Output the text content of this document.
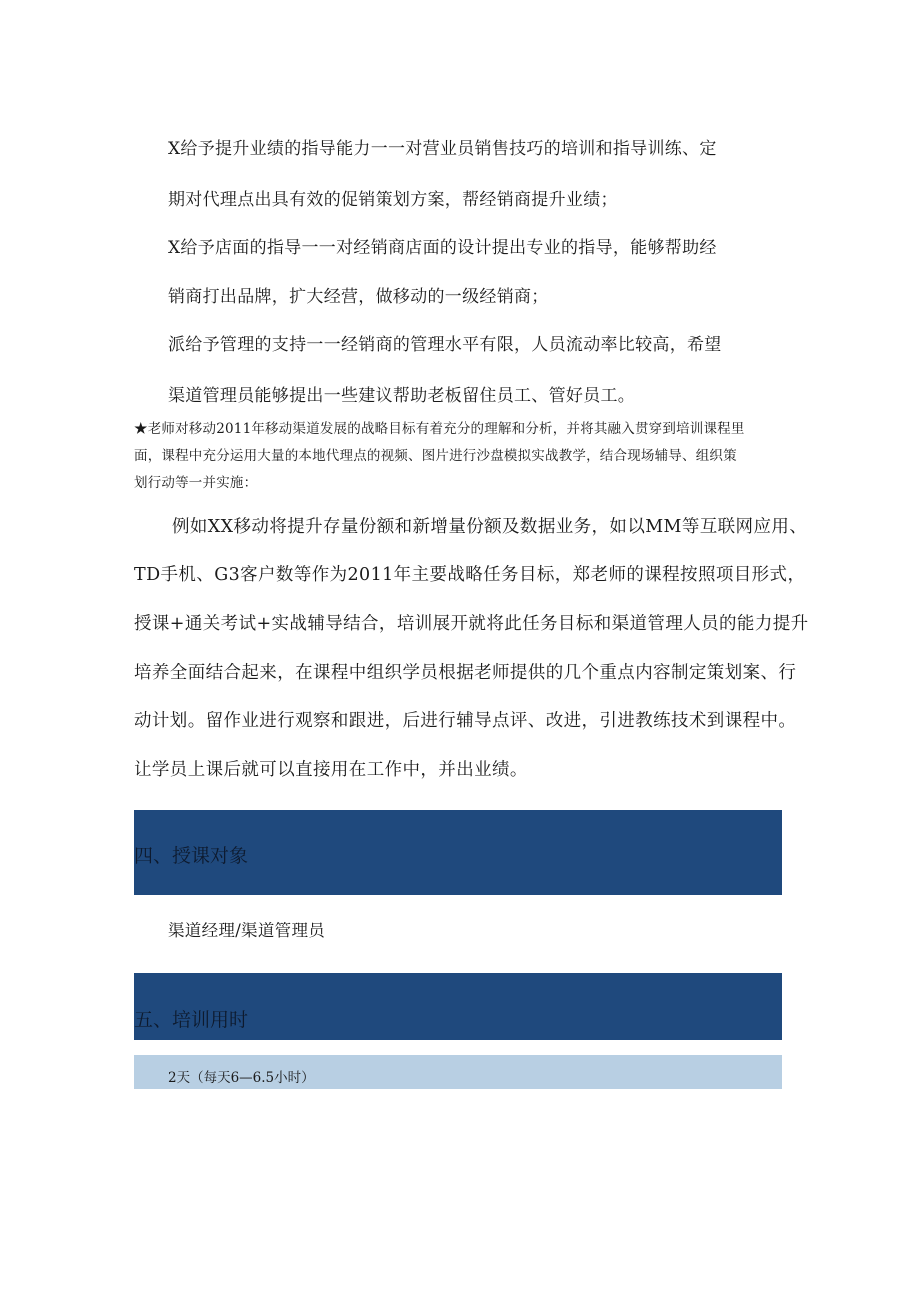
X给予提升业绩的指导能力一一对营业员销售技巧的培训和指导训练、定
期对代理点出具有效的促销策划方案，帮经销商提升业绩；
X给予店面的指导一一对经销商店面的设计提出专业的指导，能够帮助经
销商打出品牌，扩大经营，做移动的一级经销商；
派给予管理的支持一一经销商的管理水平有限，人员流动率比较高，希望
渠道管理员能够提出一些建议帮助老板留住员工、管好员工。
★老师对移动2011年移动渠道发展的战略目标有着充分的理解和分析，并将其融入贯穿到培训课程里
面，课程中充分运用大量的本地代理点的视频、图片进行沙盘模拟实战教学，结合现场辅导、组织策
划行动等一并实施：
例如XX移动将提升存量份额和新增量份额及数据业务，如以MM等互联网应用、
TD手机、G3客户数等作为2011年主要战略任务目标，郑老师的课程按照项目形式，
授课+通关考试+实战辅导结合，培训展开就将此任务目标和渠道管理人员的能力提升
培养全面结合起来，在课程中组织学员根据老师提供的几个重点内容制定策划案、行
动计划。留作业进行观察和跟进，后进行辅导点评、改进，引进教练技术到课程中。
让学员上课后就可以直接用在工作中，并出业绩。
四、授课对象
渠道经理/渠道管理员
五、培训用时
2天（每天6—6.5小时）
